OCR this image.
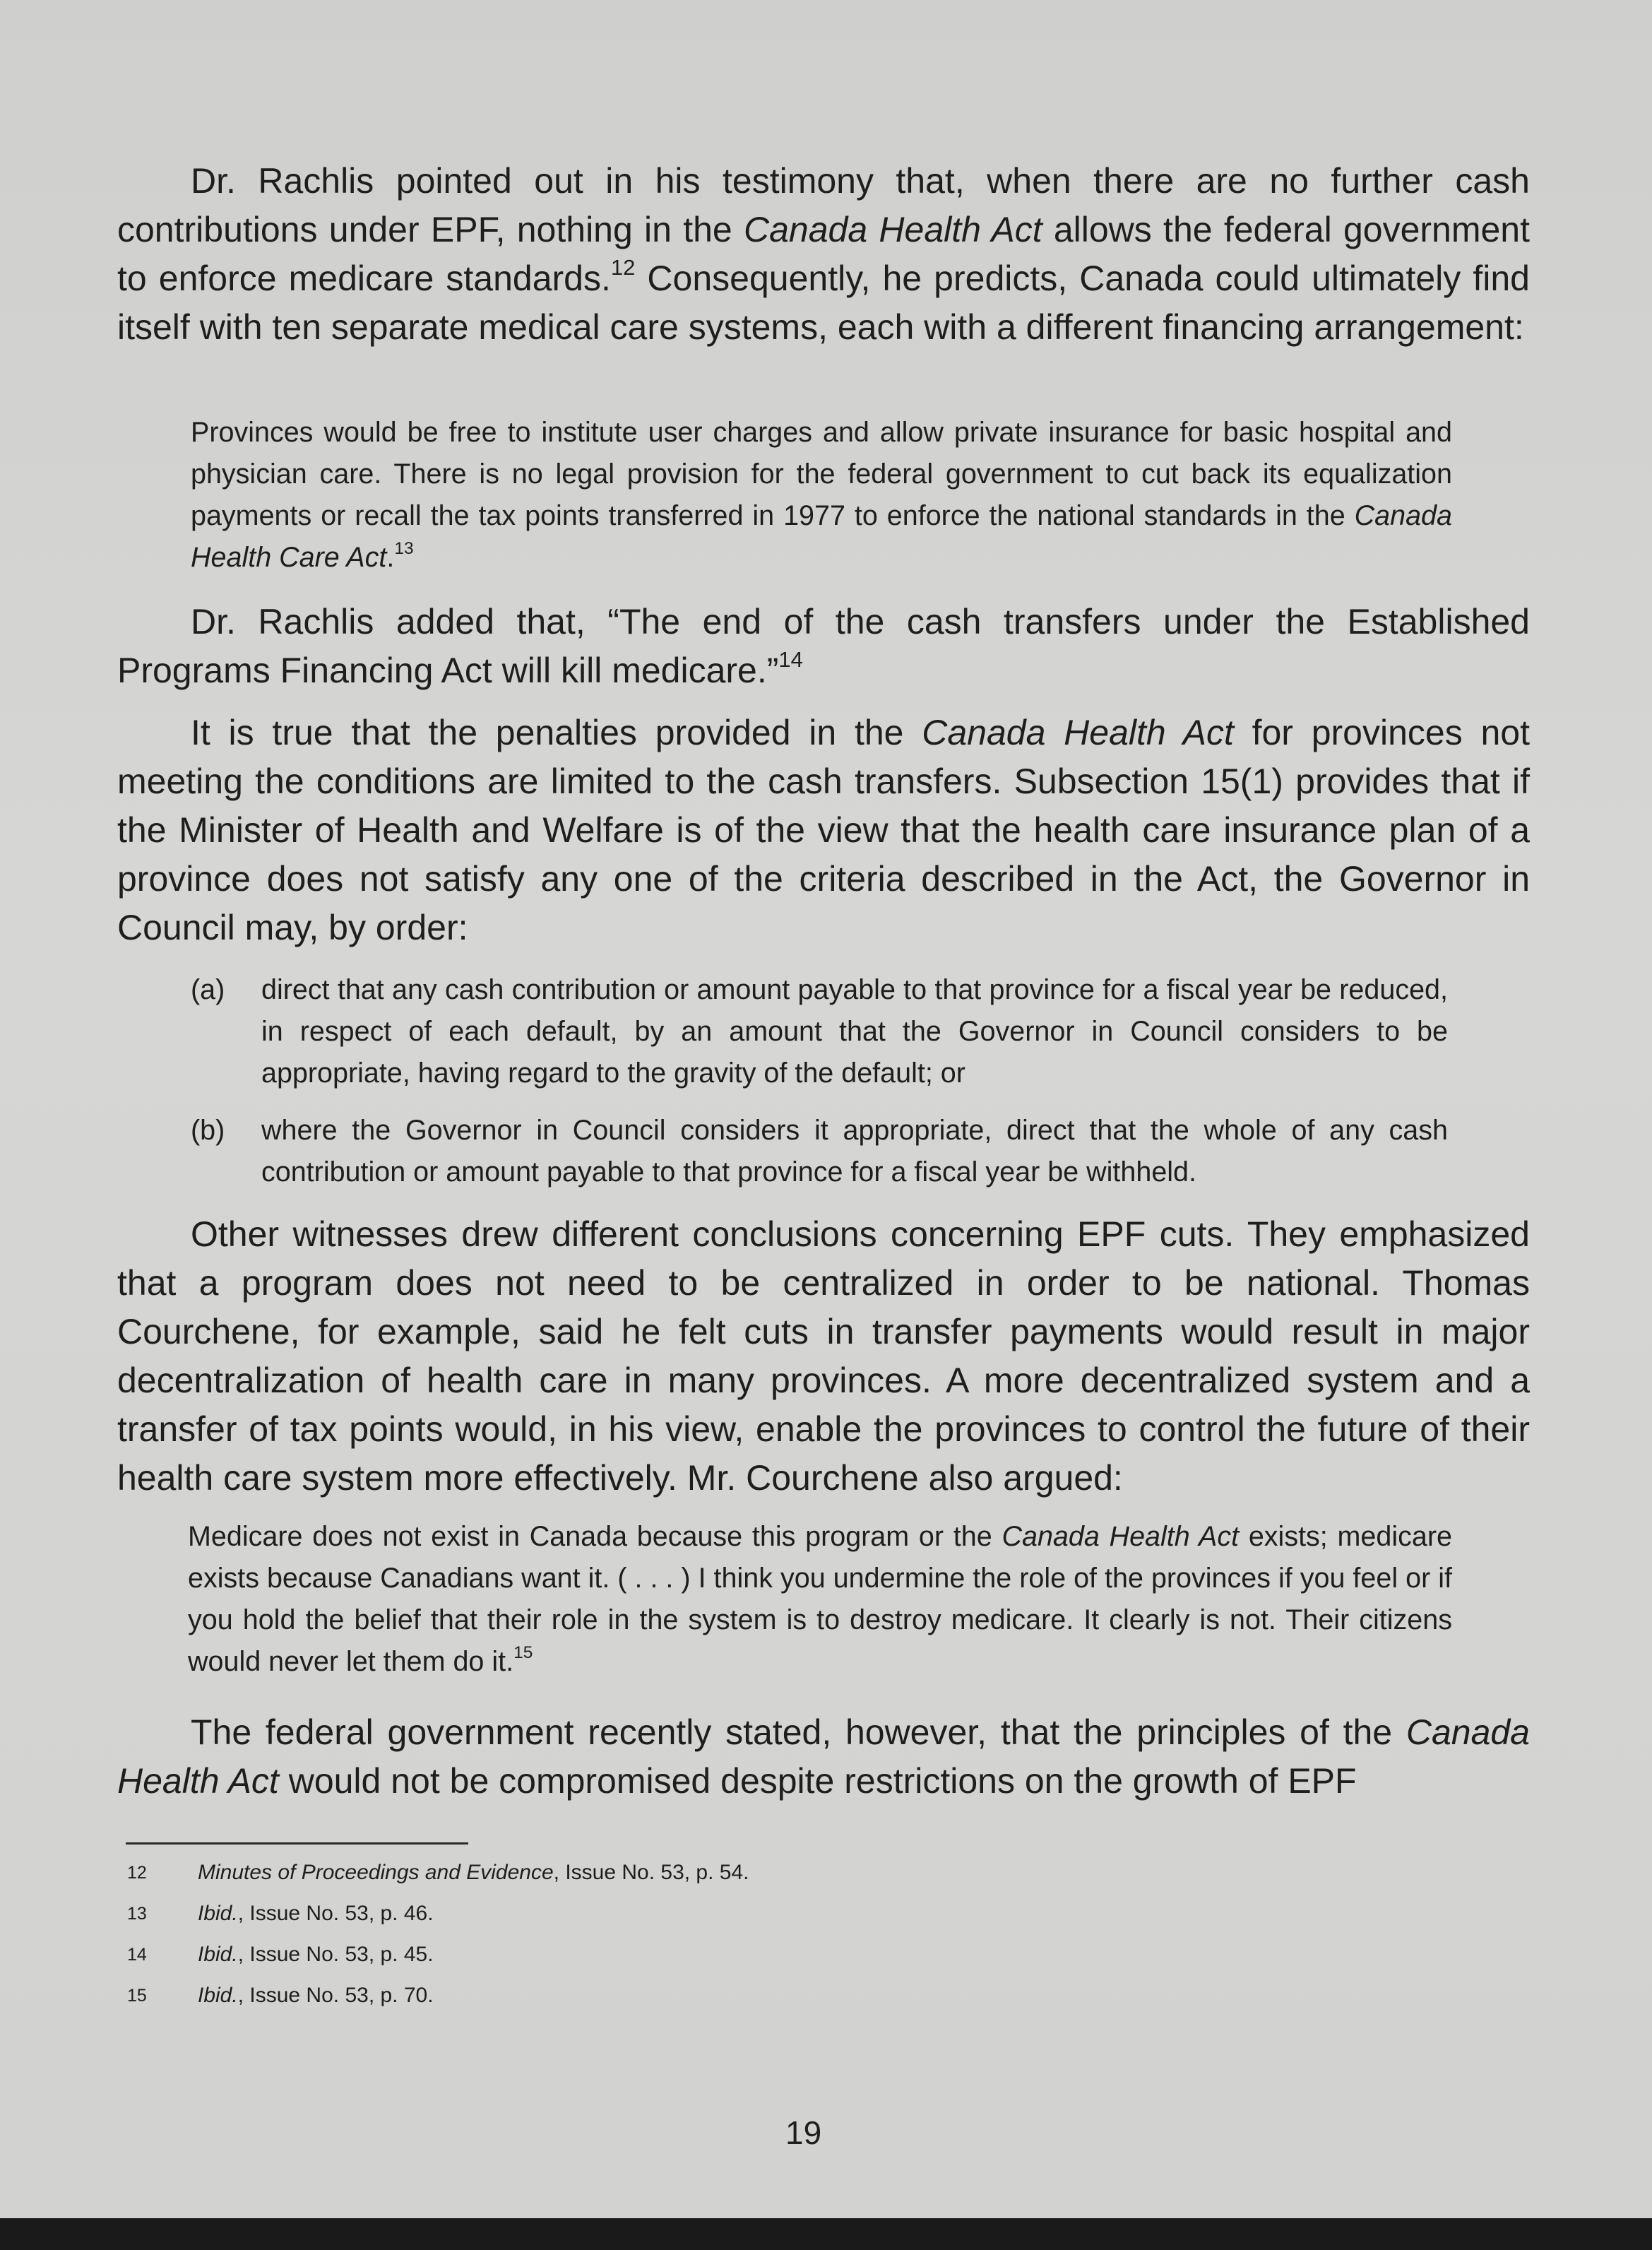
Dr. Rachlis pointed out in his testimony that, when there are no further cash contributions under EPF, nothing in the Canada Health Act allows the federal government to enforce medicare standards.$^{12}$ Consequently, he predicts, Canada could ultimately find itself with ten separate medical care systems, each with a different financing arrangement:

Provinces would be free to institute user charges and allow private insurance for basic hospital and physician care. There is no legal provision for the federal government to cut back its equalization payments or recall the tax points transferred in 1977 to enforce the national standards in the Canada Health Care Act.$^{13}$

Dr. Rachlis added that, “The end of the cash transfers under the Established Programs Financing Act will kill medicare.”$^{14}$

It is true that the penalties provided in the Canada Health Act for provinces not meeting the conditions are limited to the cash transfers. Subsection 15(1) provides that if the Minister of Health and Welfare is of the view that the health care insurance plan of a province does not satisfy any one of the criteria described in the Act, the Governor in Council may, by order:

(a) direct that any cash contribution or amount payable to that province for a fiscal year be reduced, in respect of each default, by an amount that the Governor in Council considers to be appropriate, having regard to the gravity of the default; or
(b) where the Governor in Council considers it appropriate, direct that the whole of any cash contribution or amount payable to that province for a fiscal year be withheld.

Other witnesses drew different conclusions concerning EPF cuts. They emphasized that a program does not need to be centralized in order to be national. Thomas Courchene, for example, said he felt cuts in transfer payments would result in major decentralization of health care in many provinces. A more decentralized system and a transfer of tax points would, in his view, enable the provinces to control the future of their health care system more effectively. Mr. Courchene also argued:

Medicare does not exist in Canada because this program or the Canada Health Act exists; medicare exists because Canadians want it. ( . . . ) I think you undermine the role of the provinces if you feel or if you hold the belief that their role in the system is to destroy medicare. It clearly is not. Their citizens would never let them do it.$^{15}$

The federal government recently stated, however, that the principles of the Canada Health Act would not be compromised despite restrictions on the growth of EPF

12 Minutes of Proceedings and Evidence, Issue No. 53, p. 54.
13 Ibid., Issue No. 53, p. 46.
14 Ibid., Issue No. 53, p. 45.
15 Ibid., Issue No. 53, p. 70.
19
